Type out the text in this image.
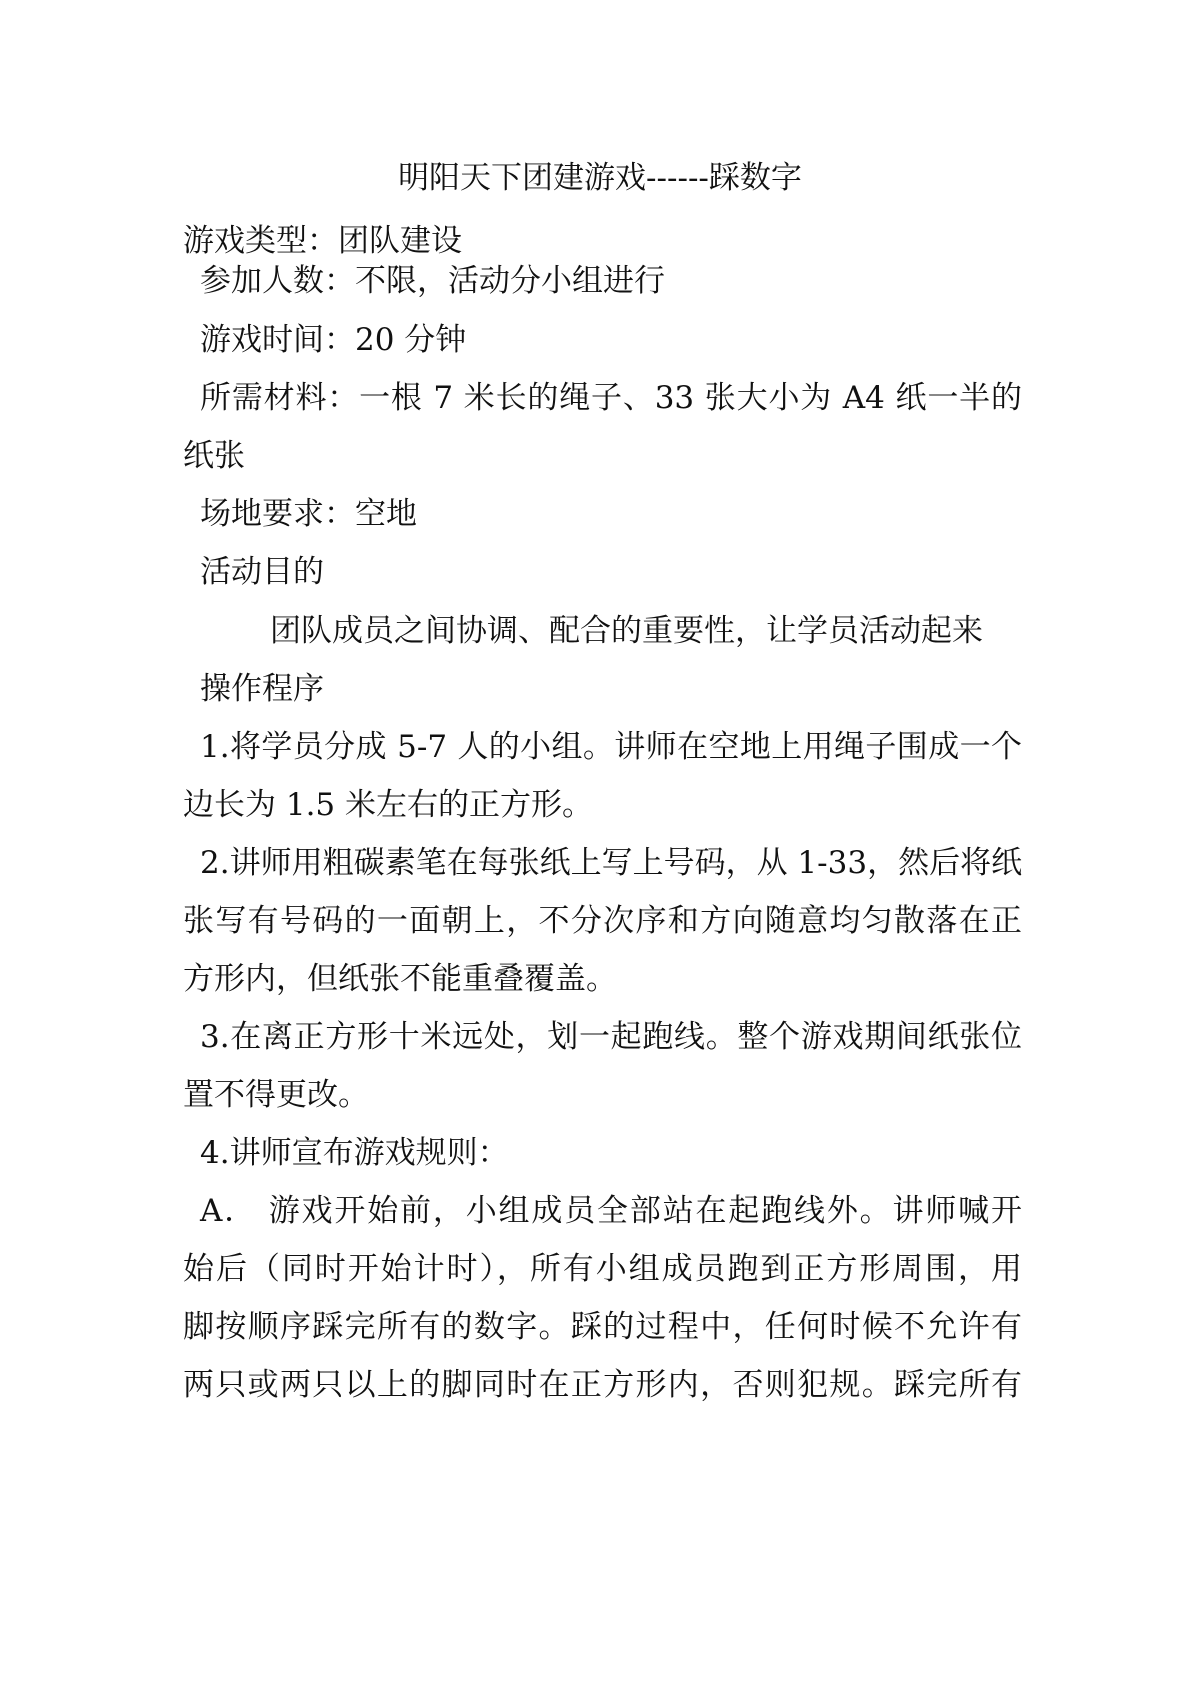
明阳天下团建游戏------踩数字
游戏类型：团队建设
参加人数：不限，活动分小组进行
游戏时间：20 分钟
所需材料：一根 7 米长的绳子、33 张大小为 A4 纸一半的
纸张
场地要求：空地
活动目的
团队成员之间协调、配合的重要性，让学员活动起来
操作程序
1.将学员分成 5-7 人的小组。讲师在空地上用绳子围成一个
边长为 1.5 米左右的正方形。
2.讲师用粗碳素笔在每张纸上写上号码，从 1-33，然后将纸
张写有号码的一面朝上，不分次序和方向随意均匀散落在正
方形内，但纸张不能重叠覆盖。
3.在离正方形十米远处，划一起跑线。整个游戏期间纸张位
置不得更改。
4.讲师宣布游戏规则：
A． 游戏开始前，小组成员全部站在起跑线外。讲师喊开
始后（同时开始计时），所有小组成员跑到正方形周围，用
脚按顺序踩完所有的数字。踩的过程中，任何时候不允许有
两只或两只以上的脚同时在正方形内，否则犯规。踩完所有
